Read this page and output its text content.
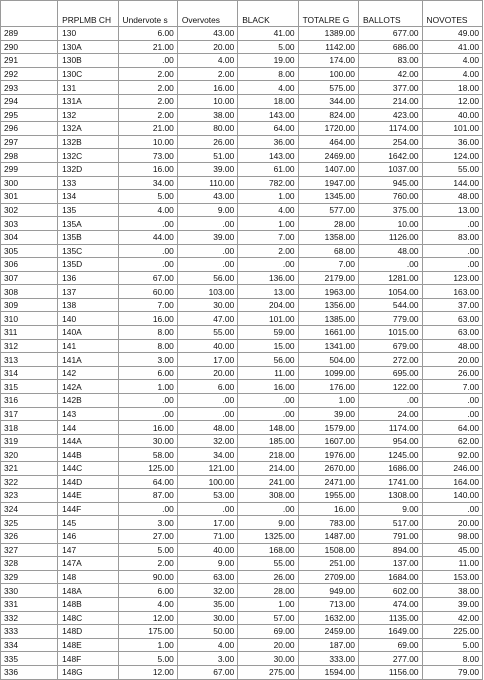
	PRPLMB CH	Undervote s	Overvotes	BLACK	TOTALRE G	BALLOTS	NOVOTES
289	130	6.00	43.00	41.00	1389.00	677.00	49.00
290	130A	21.00	20.00	5.00	1142.00	686.00	41.00
291	130B	.00	4.00	19.00	174.00	83.00	4.00
292	130C	2.00	2.00	8.00	100.00	42.00	4.00
293	131	2.00	16.00	4.00	575.00	377.00	18.00
294	131A	2.00	10.00	18.00	344.00	214.00	12.00
295	132	2.00	38.00	143.00	824.00	423.00	40.00
296	132A	21.00	80.00	64.00	1720.00	1174.00	101.00
297	132B	10.00	26.00	36.00	464.00	254.00	36.00
298	132C	73.00	51.00	143.00	2469.00	1642.00	124.00
299	132D	16.00	39.00	61.00	1407.00	1037.00	55.00
300	133	34.00	110.00	782.00	1947.00	945.00	144.00
301	134	5.00	43.00	1.00	1345.00	760.00	48.00
302	135	4.00	9.00	4.00	577.00	375.00	13.00
303	135A	.00	.00	1.00	28.00	10.00	.00
304	135B	44.00	39.00	7.00	1358.00	1126.00	83.00
305	135C	.00	.00	2.00	68.00	48.00	.00
306	135D	.00	.00	.00	7.00	.00	.00
307	136	67.00	56.00	136.00	2179.00	1281.00	123.00
308	137	60.00	103.00	13.00	1963.00	1054.00	163.00
309	138	7.00	30.00	204.00	1356.00	544.00	37.00
310	140	16.00	47.00	101.00	1385.00	779.00	63.00
311	140A	8.00	55.00	59.00	1661.00	1015.00	63.00
312	141	8.00	40.00	15.00	1341.00	679.00	48.00
313	141A	3.00	17.00	56.00	504.00	272.00	20.00
314	142	6.00	20.00	11.00	1099.00	695.00	26.00
315	142A	1.00	6.00	16.00	176.00	122.00	7.00
316	142B	.00	.00	.00	1.00	.00	.00
317	143	.00	.00	.00	39.00	24.00	.00
318	144	16.00	48.00	148.00	1579.00	1174.00	64.00
319	144A	30.00	32.00	185.00	1607.00	954.00	62.00
320	144B	58.00	34.00	218.00	1976.00	1245.00	92.00
321	144C	125.00	121.00	214.00	2670.00	1686.00	246.00
322	144D	64.00	100.00	241.00	2471.00	1741.00	164.00
323	144E	87.00	53.00	308.00	1955.00	1308.00	140.00
324	144F	.00	.00	.00	16.00	9.00	.00
325	145	3.00	17.00	9.00	783.00	517.00	20.00
326	146	27.00	71.00	1325.00	1487.00	791.00	98.00
327	147	5.00	40.00	168.00	1508.00	894.00	45.00
328	147A	2.00	9.00	55.00	251.00	137.00	11.00
329	148	90.00	63.00	26.00	2709.00	1684.00	153.00
330	148A	6.00	32.00	28.00	949.00	602.00	38.00
331	148B	4.00	35.00	1.00	713.00	474.00	39.00
332	148C	12.00	30.00	57.00	1632.00	1135.00	42.00
333	148D	175.00	50.00	69.00	2459.00	1649.00	225.00
334	148E	1.00	4.00	20.00	187.00	69.00	5.00
335	148F	5.00	3.00	30.00	333.00	277.00	8.00
336	148G	12.00	67.00	275.00	1594.00	1156.00	79.00
